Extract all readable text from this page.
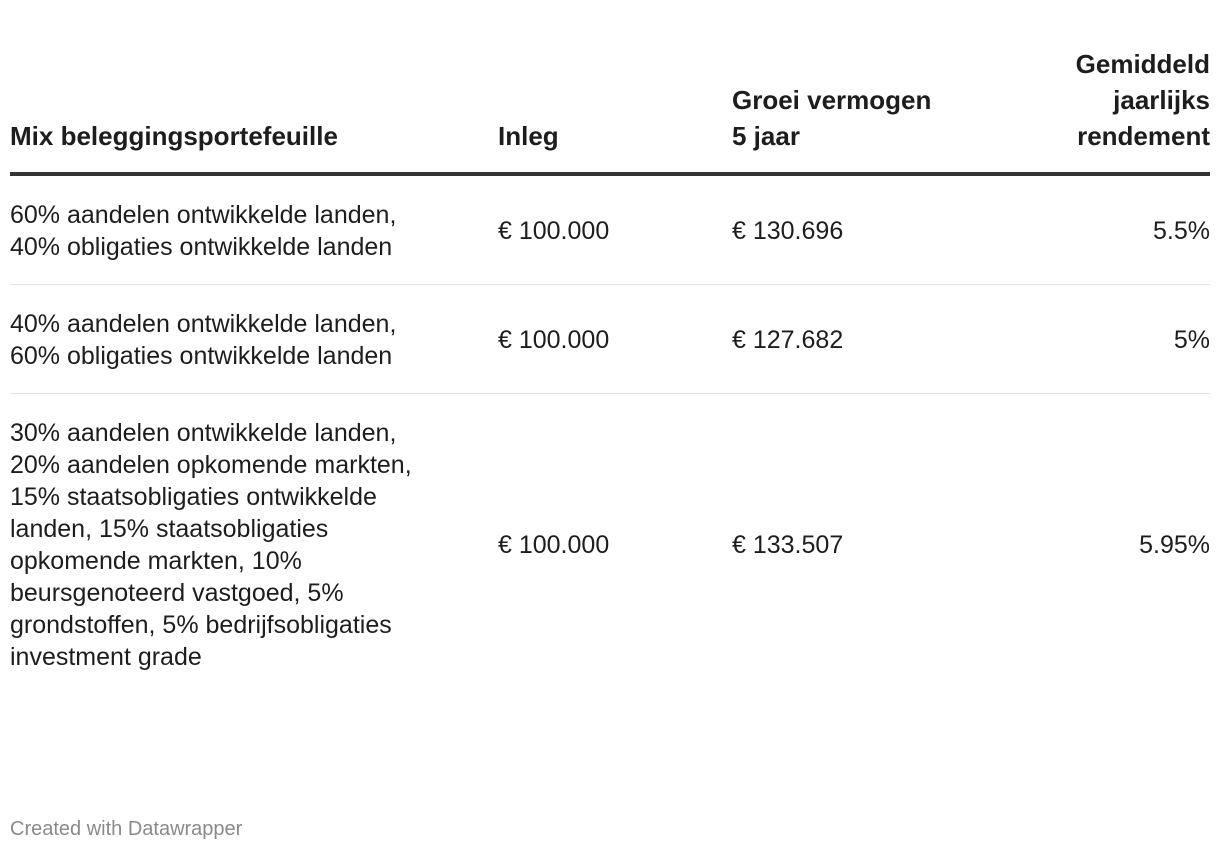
Mix beleggingsportefeuille	Inleg	Groei vermogen 5 jaar	Gemiddeld jaarlijks rendement

60% aandelen ontwikkelde landen, 40% obligaties ontwikkelde landen	€ 100.000	€ 130.696	5.5%

40% aandelen ontwikkelde landen, 60% obligaties ontwikkelde landen	€ 100.000	€ 127.682	5%

30% aandelen ontwikkelde landen, 20% aandelen opkomende markten, 15% staatsobligaties ontwikkelde landen, 15% staatsobligaties opkomende markten, 10% beursgenoteerd vastgoed, 5% grondstoffen, 5% bedrijfsobligaties investment grade	€ 100.000	€ 133.507	5.95%
Created with Datawrapper
